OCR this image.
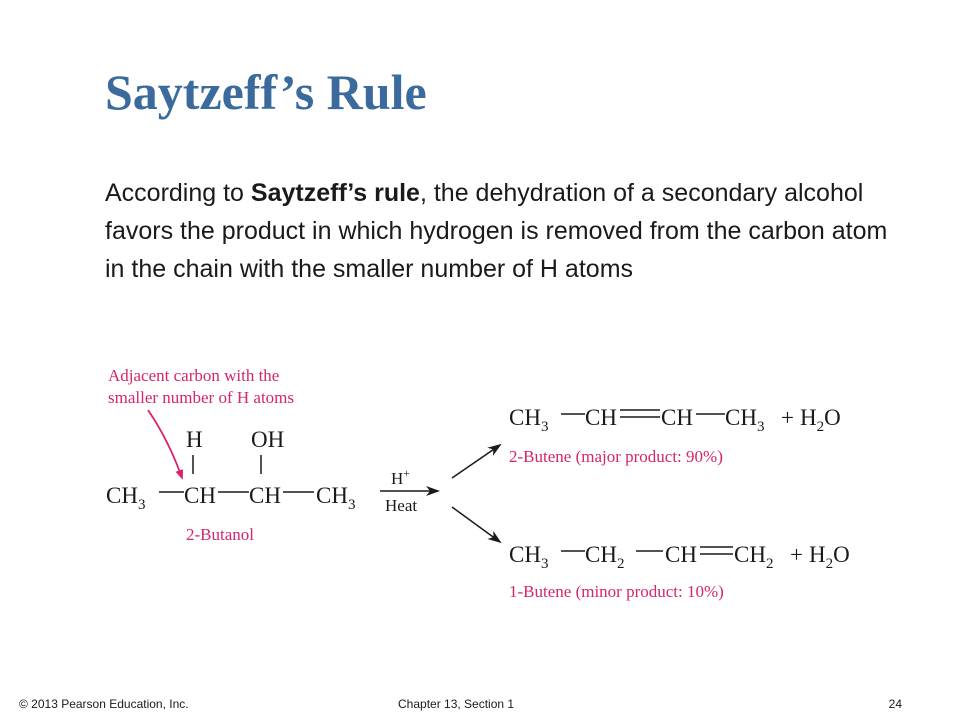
Saytzeff’s Rule

According to Saytzeff’s rule, the dehydration of a secondary alcohol favors the product in which hydrogen is removed from the carbon atom in the chain with the smaller number of H atoms

Adjacent carbon with the
smaller number of H atoms
H OH
$CH_3$ CH CH $CH_3$
2-Butanol
H+
Heat
$CH_3$ CH CH $CH_3 + H_2O$
2-Butene (major product: 90%)
$CH_3$ $CH_2$ CH $CH_2 + H_2O$
1-Butene (minor product: 10%)
© 2013 Pearson Education, Inc.	Chapter 13, Section 1	24
